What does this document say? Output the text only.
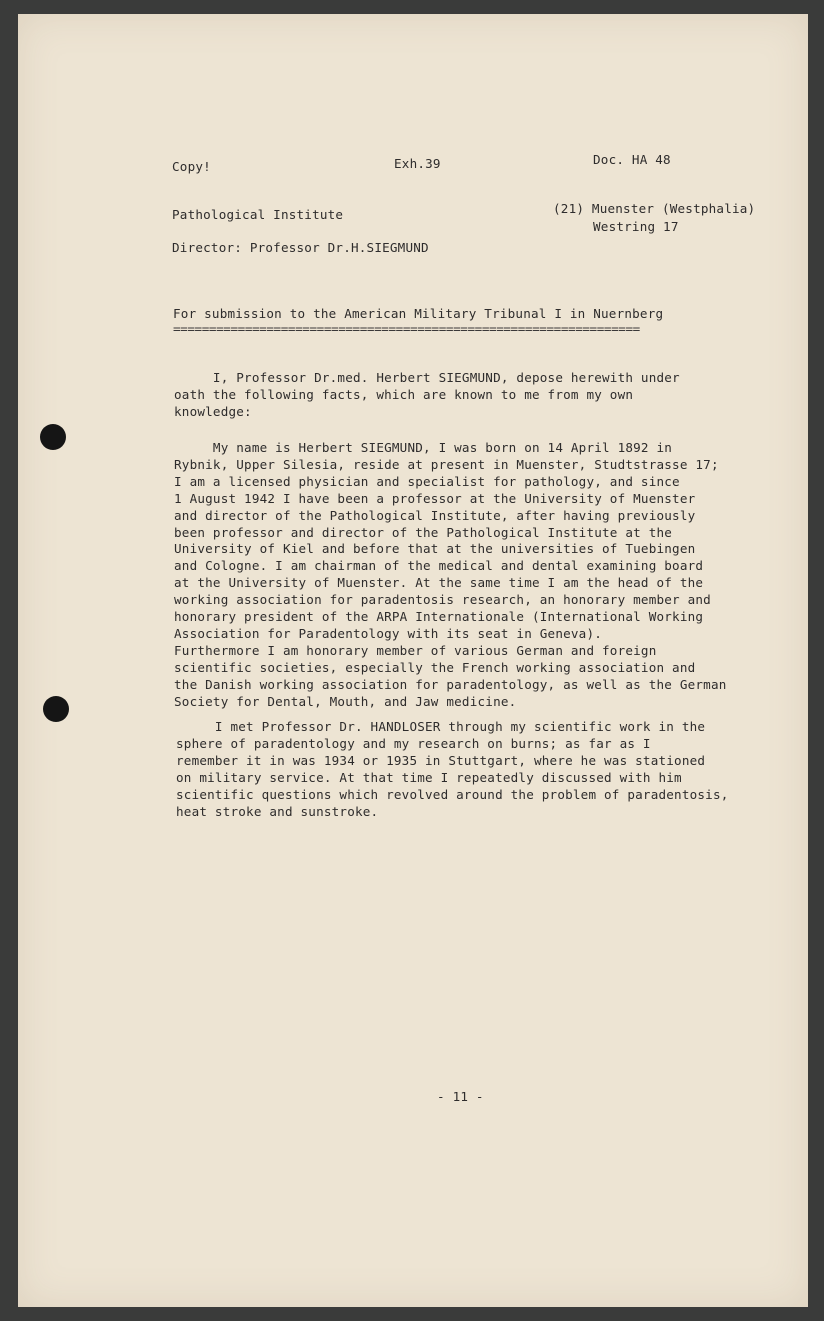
Copy!	Exh.39	Doc. HA 48
Pathological Institute	(21) Muenster (Westphalia)
Westring 17
Director: Professor Dr.H.SIEGMUND
For submission to the American Military Tribunal I in Nuernberg
=================================================================
I, Professor Dr.med. Herbert SIEGMUND, depose herewith under
oath the following facts, which are known to me from my own
knowledge:
My name is Herbert SIEGMUND, I was born on 14 April 1892 in
Rybnik, Upper Silesia, reside at present in Muenster, Studtstrasse 17;
I am a licensed physician and specialist for pathology, and since
1 August 1942 I have been a professor at the University of Muenster
and director of the Pathological Institute, after having previously
been professor and director of the Pathological Institute at the
University of Kiel and before that at the universities of Tuebingen
and Cologne. I am chairman of the medical and dental examining board
at the University of Muenster. At the same time I am the head of the
working association for paradentosis research, an honorary member and
honorary president of the ARPA Internationale (International Working
Association for Paradentology with its seat in Geneva).
Furthermore I am honorary member of various German and foreign
scientific societies, especially the French working association and
the Danish working association for paradentology, as well as the German
Society for Dental, Mouth, and Jaw medicine.
I met Professor Dr. HANDLOSER through my scientific work in the
sphere of paradentology and my research on burns; as far as I
remember it in was 1934 or 1935 in Stuttgart, where he was stationed
on military service. At that time I repeatedly discussed with him
scientific questions which revolved around the problem of paradentosis,
heat stroke and sunstroke.
- 11 -
